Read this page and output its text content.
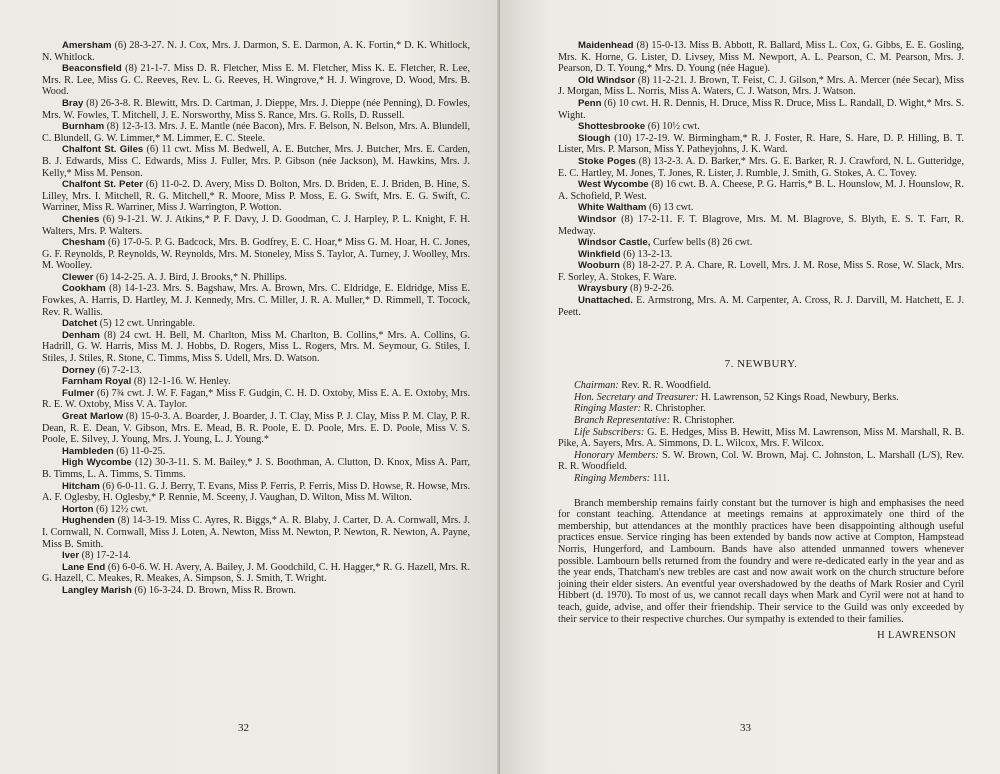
Amersham (6) 28-3-27. N. J. Cox, Mrs. J. Darmon, S. E. Darmon, A. K. Fortin,* D. K. Whitlock, N. Whitlock.

Beaconsfield (8) 21-1-7. Miss D. R. Fletcher, Miss E. M. Fletcher, Miss K. E. Fletcher, R. Lee, Mrs. R. Lee, Miss G. C. Reeves, Rev. L. G. Reeves, H. Wingrove,* H. J. Wingrove, D. Wood, Mrs. B. Wood.

Bray (8) 26-3-8. R. Blewitt, Mrs. D. Cartman, J. Dieppe, Mrs. J. Dieppe (née Penning), D. Fowles, Mrs. W. Fowles, T. Mitchell, J. E. Norsworthy, Miss S. Rance, Mrs. G. Rolls, D. Russell.

Burnham (8) 12-3-13. Mrs. J. E. Mantle (née Bacon), Mrs. F. Belson, N. Belson, Mrs. A. Blundell, C. Blundell, G. W. Limmer,* M. Limmer, E. C. Steele.

Chalfont St. Giles (6) 11 cwt. Miss M. Bedwell, A. E. Butcher, Mrs. J. Butcher, Mrs. E. Carden, B. J. Edwards, Miss C. Edwards, Miss J. Fuller, Mrs. P. Gibson (née Jackson), M. Hawkins, Mrs. J. Kelly,* Miss M. Penson.

Chalfont St. Peter (6) 11-0-2. D. Avery, Miss D. Bolton, Mrs. D. Briden, E. J. Briden, B. Hine, S. Lilley, Mrs. I. Mitchell, R. G. Mitchell,* R. Moore, Miss P. Moss, E. G. Swift, Mrs. E. G. Swift, C. Warriner, Miss R. Warriner, Miss J. Warrington, P. Wotton.

Chenies (6) 9-1-21. W. J. Atkins,* P. F. Davy, J. D. Goodman, C. J. Harpley, P. L. Knight, F. H. Walters, Mrs. P. Walters.

Chesham (6) 17-0-5. P. G. Badcock, Mrs. B. Godfrey, E. C. Hoar,* Miss G. M. Hoar, H. C. Jones, G. F. Reynolds, P. Reynolds, W. Reynolds, Mrs. M. Stoneley, Miss S. Taylor, A. Turney, J. Woolley, Mrs. M. Woolley.

Clewer (6) 14-2-25. A. J. Bird, J. Brooks,* N. Phillips.

Cookham (8) 14-1-23. Mrs. S. Bagshaw, Mrs. A. Brown, Mrs. C. Eldridge, E. Eldridge, Miss E. Fowkes, A. Harris, D. Hartley, M. J. Kennedy, Mrs. C. Miller, J. R. A. Muller,* D. Rimmell, T. Tocock, Rev. R. Wallis.

Datchet (5) 12 cwt. Unringable.

Denham (8) 24 cwt. H. Bell, M. Charlton, Miss M. Charlton, B. Collins,* Mrs. A. Collins, G. Hadrill, G. W. Harris, Miss M. J. Hobbs, D. Rogers, Miss L. Rogers, Mrs. M. Seymour, G. Stiles, I. Stiles, J. Stiles, R. Stone, C. Timms, Miss S. Udell, Mrs. D. Watson.

Dorney (6) 7-2-13.

Farnham Royal (8) 12-1-16. W. Henley.

Fulmer (6) 7¾ cwt. J. W. F. Fagan,* Miss F. Gudgin, C. H. D. Oxtoby, Miss E. A. E. Oxtoby, Mrs. R. E. W. Oxtoby, Miss V. A. Taylor.

Great Marlow (8) 15-0-3. A. Boarder, J. Boarder, J. T. Clay, Miss P. J. Clay, Miss P. M. Clay, P. R. Dean, R. E. Dean, V. Gibson, Mrs. E. Mead, B. R. Poole, E. D. Poole, Mrs. E. D. Poole, Miss V. S. Poole, E. Silvey, J. Young, Mrs. J. Young, L. J. Young.*

Hambleden (6) 11-0-25.

High Wycombe (12) 30-3-11. S. M. Bailey,* J. S. Boothman, A. Clutton, D. Knox, Miss A. Parr, B. Timms, L. A. Timms, S. Timms.

Hitcham (6) 6-0-11. G. J. Berry, T. Evans, Miss P. Ferris, P. Ferris, Miss D. Howse, R. Howse, Mrs. A. F. Oglesby, H. Oglesby,* P. Rennie, M. Sceeny, J. Vaughan, D. Wilton, Miss M. Wilton.

Horton (6) 12½ cwt.

Hughenden (8) 14-3-19. Miss C. Ayres, R. Biggs,* A. R. Blaby, J. Carter, D. A. Cornwall, Mrs. J. I. Cornwall, N. Cornwall, Miss J. Loten, A. Newton, Miss M. Newton, P. Newton, R. Newton, A. Payne, Miss B. Smith.

Iver (8) 17-2-14.

Lane End (6) 6-0-6. W. H. Avery, A. Bailey, J. M. Goodchild, C. H. Hagger,* R. G. Hazell, Mrs. R. G. Hazell, C. Meakes, R. Meakes, A. Simpson, S. J. Smith, T. Wright.

Langley Marish (6) 16-3-24. D. Brown, Miss R. Brown.

32

Maidenhead (8) 15-0-13. Miss B. Abbott, R. Ballard, Miss L. Cox, G. Gibbs, E. E. Gosling, Mrs. K. Horne, G. Lister, D. Livsey, Miss M. Newport, A. L. Pearson, C. M. Pearson, Mrs. J. Pearson, D. T. Young,* Mrs. D. Young (née Hague).

Old Windsor (8) 11-2-21. J. Brown, T. Feist, C. J. Gilson,* Mrs. A. Mercer (née Secar), Miss J. Morgan, Miss L. Norris, Miss A. Waters, C. J. Watson, Mrs. J. Watson.

Penn (6) 10 cwt. H. R. Dennis, H. Druce, Miss R. Druce, Miss L. Randall, D. Wight,* Mrs. S. Wight.

Shottesbrooke (6) 10½ cwt.

Slough (10) 17-2-19. W. Birmingham,* R. J. Foster, R. Hare, S. Hare, D. P. Hilling, B. T. Lister, Mrs. P. Marson, Miss Y. Patheyjohns, J. K. Ward.

Stoke Poges (8) 13-2-3. A. D. Barker,* Mrs. G. E. Barker, R. J. Crawford, N. L. Gutteridge, E. C. Hartley, M. Jones, T. Jones, R. Lister, J. Rumble, J. Smith, G. Stokes, A. C. Tovey.

West Wycombe (8) 16 cwt. B. A. Cheese, P. G. Harris,* B. L. Hounslow, M. J. Hounslow, R. A. Schofield, P. West.

White Waltham (6) 13 cwt.

Windsor (8) 17-2-11. F. T. Blagrove, Mrs. M. M. Blagrove, S. Blyth, E. S. T. Farr, R. Medway.

Windsor Castle, Curfew bells (8) 26 cwt.

Winkfield (6) 13-2-13.

Wooburn (8) 18-2-27. P. A. Chare, R. Lovell, Mrs. J. M. Rose, Miss S. Rose, W. Slack, Mrs. F. Sorley, A. Stokes, F. Ware.

Wraysbury (8) 9-2-26.

Unattached. E. Armstrong, Mrs. A. M. Carpenter, A. Cross, R. J. Darvill, M. Hatchett, E. J. Peett.

7. NEWBURY.

Chairman: Rev. R. R. Woodfield.

Hon. Secretary and Treasurer: H. Lawrenson, 52 Kings Road, Newbury, Berks.

Ringing Master: R. Christopher.

Branch Representative: R. Christopher.

Life Subscribers: G. E. Hedges, Miss B. Hewitt, Miss M. Lawrenson, Miss M. Marshall, R. B. Pike, A. Sayers, Mrs. A. Simmons, D. L. Wilcox, Mrs. F. Wilcox.

Honorary Members: S. W. Brown, Col. W. Brown, Maj. C. Johnston, L. Marshall (L/S), Rev. R. R. Woodfield.

Ringing Members: 111.

Branch membership remains fairly constant but the turnover is high and emphasises the need for constant teaching. Attendance at meetings remains at approximately one third of the membership, but attendances at the monthly practices have been disappointing although useful practices ensue. Service ringing has been extended by bands now active at Compton, Hampstead Norris, Hungerford, and Lambourn. Bands have also attended unmanned towers whenever possible. Lambourn bells returned from the foundry and were re-dedicated early in the year and as the year ends, Thatcham's new trebles are cast and now await work on the church structure before joining their elder sisters. An eventful year overshadowed by the deaths of Mark Rosier and Cyril Hibbert (d. 1970). To most of us, we cannot recall days when Mark and Cyril were not at hand to teach, guide, advise, and offer their friendship. Their service to the Guild was only exceeded by their service to their respective churches. Our sympathy is extended to their families.

H LAWRENSON
33
